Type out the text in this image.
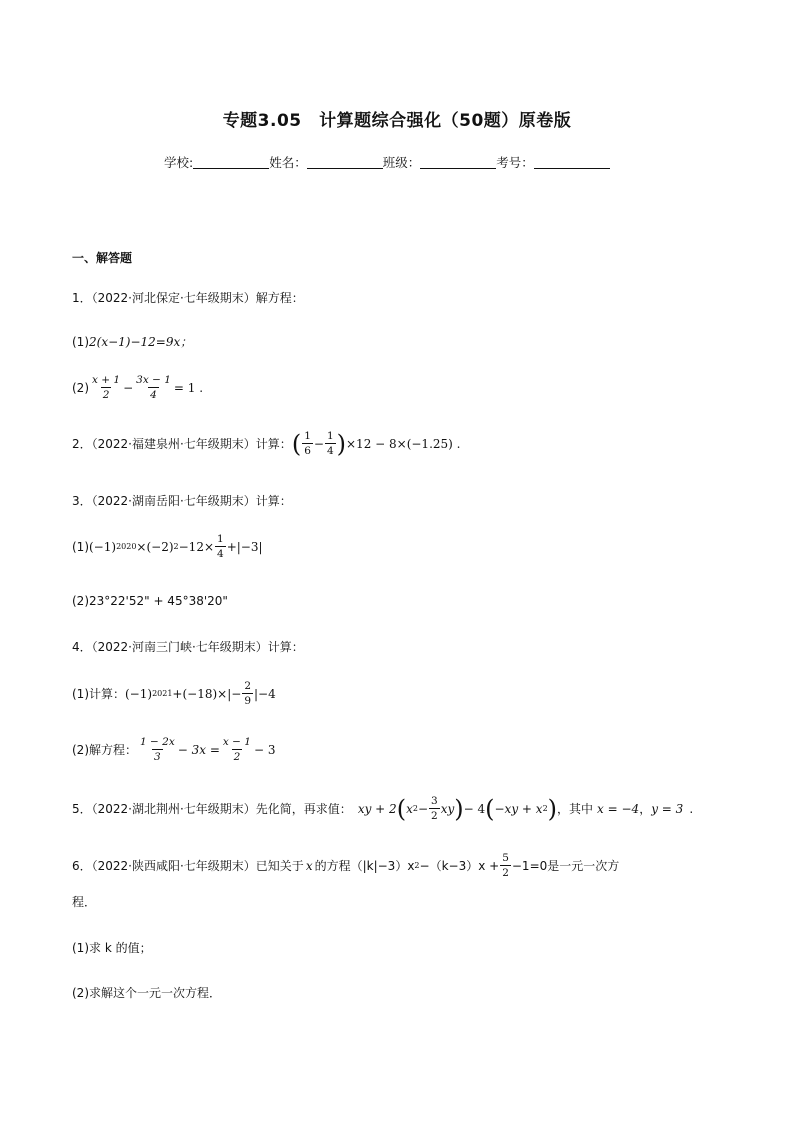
专题3.05　计算题综合强化（50题）原卷版
学校:	姓名：	班级：	考号：
一、解答题
1．（2022·河北保定·七年级期末）解方程：
(1)2(x−1)−12=9x；
$(2) \frac{x + 1}{2} - \frac{3x - 1}{4} = 1$ .
2．（2022·福建泉州·七年级期末）计算： ( $\frac{1}{6} - \frac{1}{4}$ ) ×12 − 8×(−1.25) .
3．（2022·湖南岳阳·七年级期末）计算：
(1) (−1) 2020 ×(−2) $2 -12\times \frac{1}{4} +|-3|$
(2)23°22'52" + 45°38'20"
4．（2022·河南三门峡·七年级期末）计算：
(1)计算： (−1) $2021 +(-18)\times|- \frac{2}{9} |-4$
(2)解方程： $\frac{1 - 2x}{3} - 3x = \frac{x - 1}{2} - 3$
5．（2022·湖北荆州·七年级期末）先化简，再求值： xy + 2 ( x $2 - \frac{3}{2}$ xy ) − 4 ( −xy + x 2 ) ，其中 x = −4 ， y = 3 .
6．（2022·陕西咸阳·七年级期末）已知关于 x 的方程（|k|−3）x $2 -(k-3)x + \frac{5}{2} -1=0$是一元一次方
程．
(1)求 k 的值；
(2)求解这个一元一次方程．
